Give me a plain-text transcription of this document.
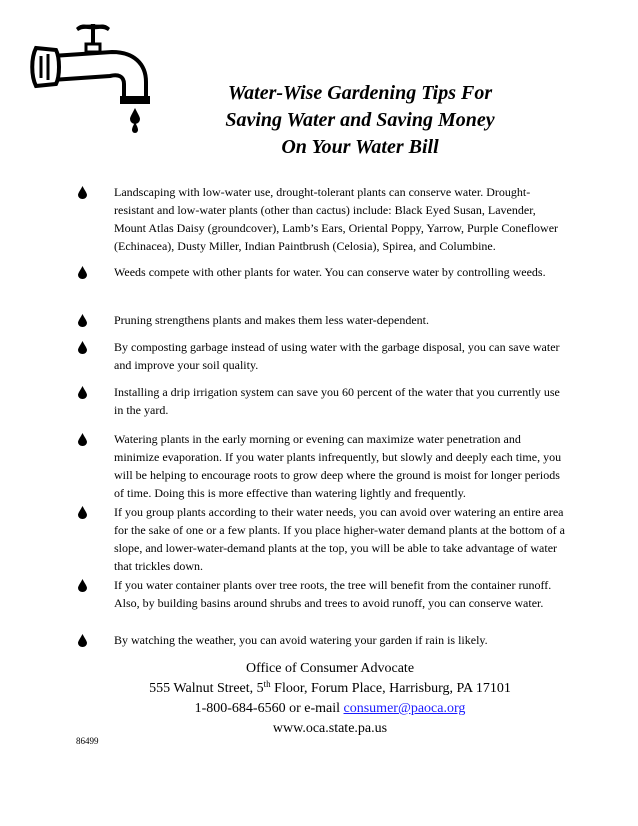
Water-Wise Gardening Tips For
Saving Water and Saving Money
On Your Water Bill
Landscaping with low-water use, drought-tolerant plants can conserve water. Drought-resistant and low-water plants (other than cactus) include: Black Eyed Susan, Lavender, Mount Atlas Daisy (groundcover), Lamb’s Ears, Oriental Poppy, Yarrow, Purple Coneflower (Echinacea), Dusty Miller, Indian Paintbrush (Celosia), Spirea, and Columbine.
Weeds compete with other plants for water. You can conserve water by controlling weeds.
Pruning strengthens plants and makes them less water-dependent.
By composting garbage instead of using water with the garbage disposal, you can save water and improve your soil quality.
Installing a drip irrigation system can save you 60 percent of the water that you currently use in the yard.
Watering plants in the early morning or evening can maximize water penetration and minimize evaporation. If you water plants infrequently, but slowly and deeply each time, you will be helping to encourage roots to grow deep where the ground is moist for longer periods of time. Doing this is more effective than watering lightly and frequently.
If you group plants according to their water needs, you can avoid over watering an entire area for the sake of one or a few plants. If you place higher-water demand plants at the bottom of a slope, and lower-water-demand plants at the top, you will be able to take advantage of water that trickles down.
If you water container plants over tree roots, the tree will benefit from the container runoff. Also, by building basins around shrubs and trees to avoid runoff, you can conserve water.
By watching the weather, you can avoid watering your garden if rain is likely.
Office of Consumer Advocate
555 Walnut Street, 5th Floor, Forum Place, Harrisburg, PA 17101
1-800-684-6560 or e-mail consumer@paoca.org
www.oca.state.pa.us
86499
